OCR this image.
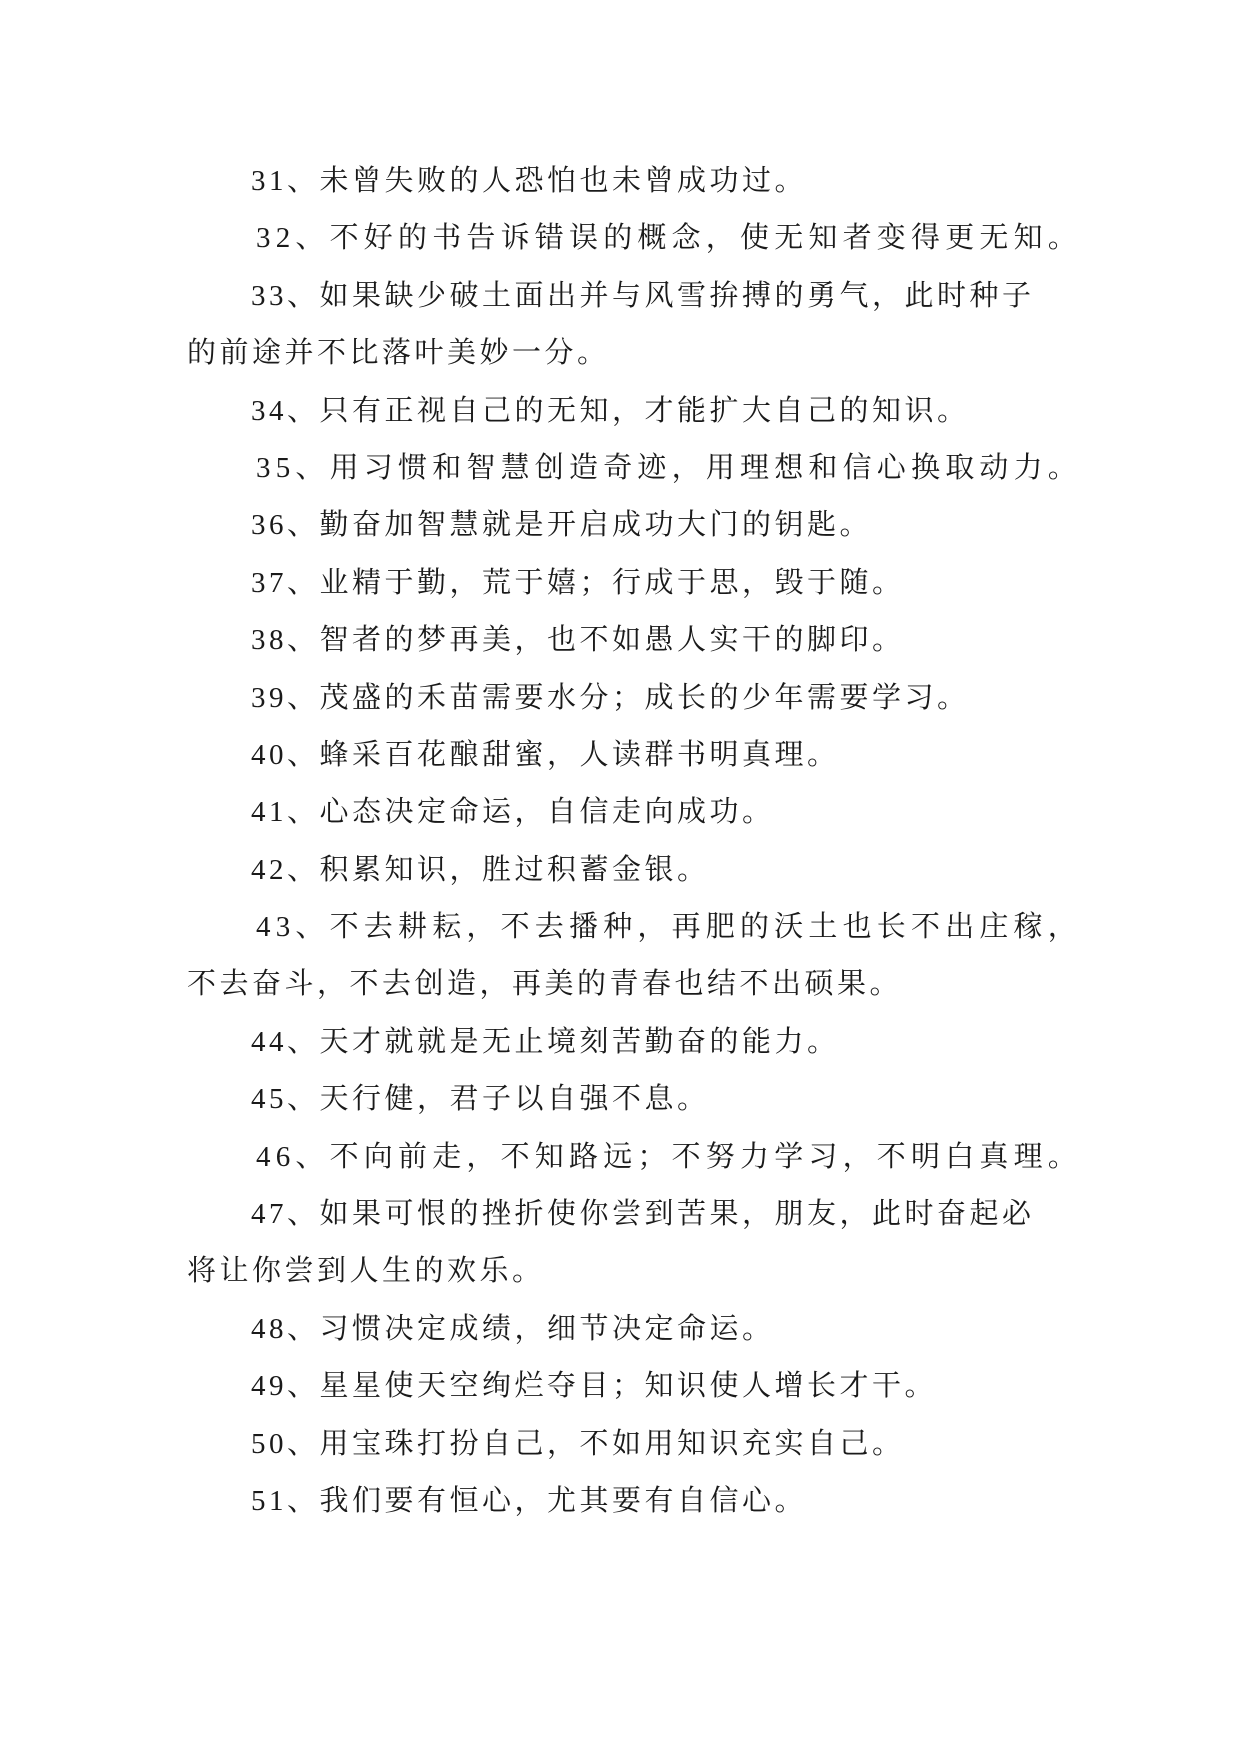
31、未曾失败的人恐怕也未曾成功过。
32、不好的书告诉错误的概念，使无知者变得更无知。
33、如果缺少破土面出并与风雪拚搏的勇气，此时种子
的前途并不比落叶美妙一分。
34、只有正视自己的无知，才能扩大自己的知识。
35、用习惯和智慧创造奇迹，用理想和信心换取动力。
36、勤奋加智慧就是开启成功大门的钥匙。
37、业精于勤，荒于嬉；行成于思，毁于随。
38、智者的梦再美，也不如愚人实干的脚印。
39、茂盛的禾苗需要水分；成长的少年需要学习。
40、蜂采百花酿甜蜜，人读群书明真理。
41、心态决定命运，自信走向成功。
42、积累知识，胜过积蓄金银。
43、不去耕耘，不去播种，再肥的沃土也长不出庄稼，
不去奋斗，不去创造，再美的青春也结不出硕果。
44、天才就就是无止境刻苦勤奋的能力。
45、天行健，君子以自强不息。
46、不向前走，不知路远；不努力学习，不明白真理。
47、如果可恨的挫折使你尝到苦果，朋友，此时奋起必
将让你尝到人生的欢乐。
48、习惯决定成绩，细节决定命运。
49、星星使天空绚烂夺目；知识使人增长才干。
50、用宝珠打扮自己，不如用知识充实自己。
51、我们要有恒心，尤其要有自信心。
